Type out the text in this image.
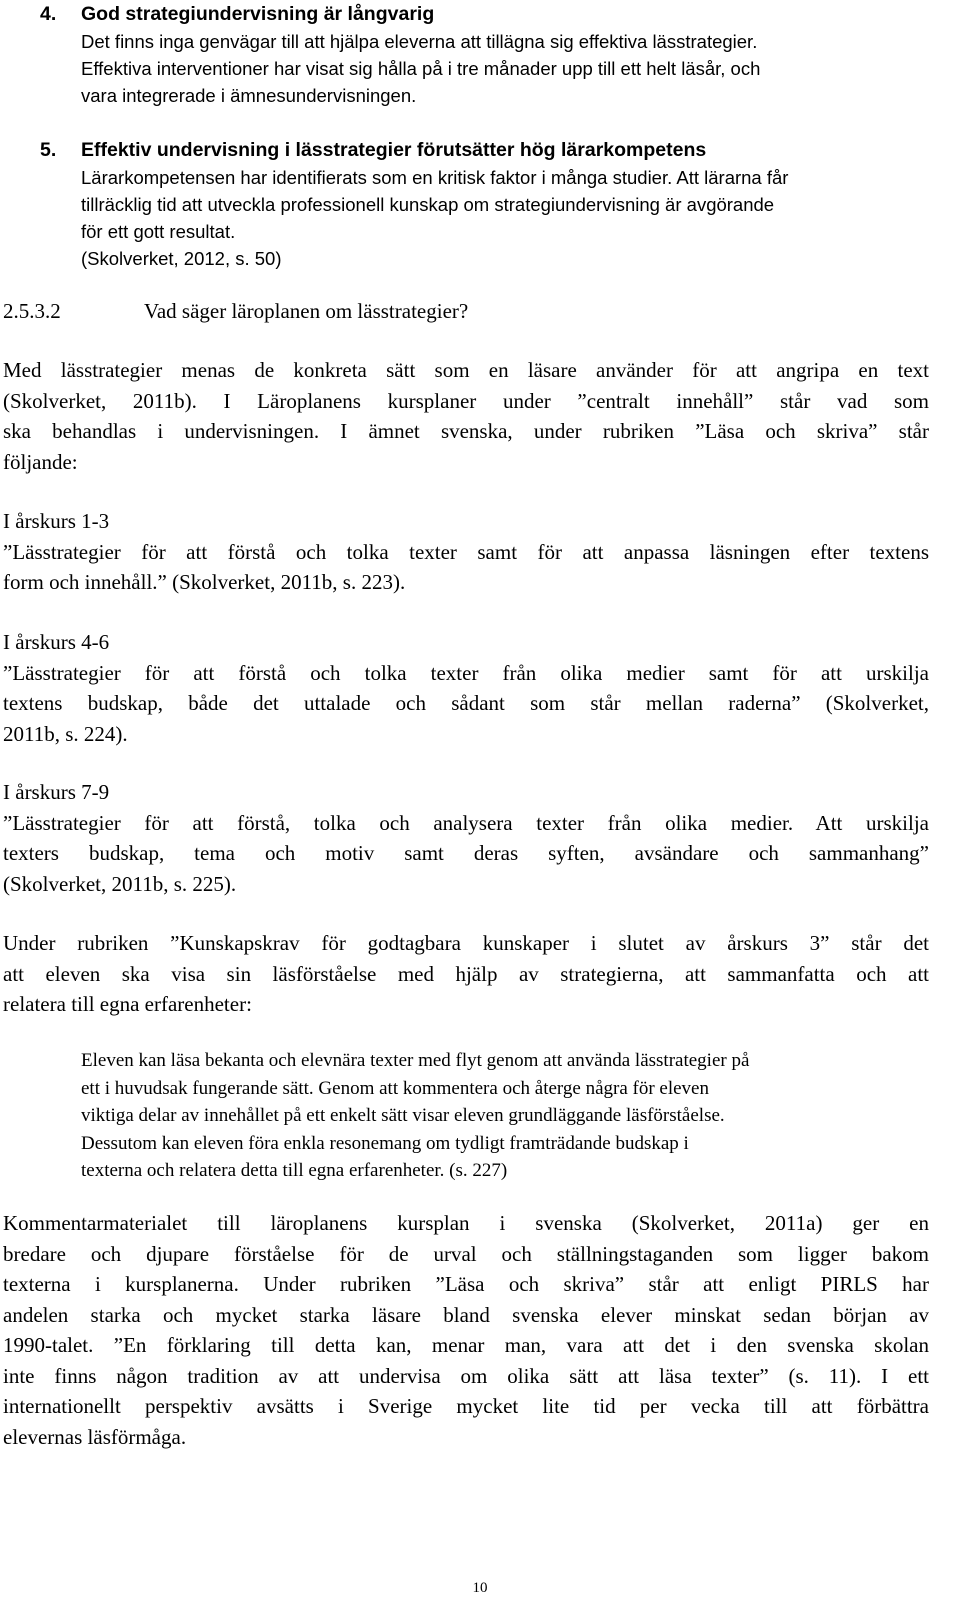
4. God strategiundervisning är långvarig
Det finns inga genvägar till att hjälpa eleverna att tillägna sig effektiva lässtrategier.
Effektiva interventioner har visat sig hålla på i tre månader upp till ett helt läsår, och
vara integrerade i ämnesundervisningen.
5. Effektiv undervisning i lässtrategier förutsätter hög lärarkompetens
Lärarkompetensen har identifierats som en kritisk faktor i många studier. Att lärarna får
tillräcklig tid att utveckla professionell kunskap om strategiundervisning är avgörande
för ett gott resultat.
(Skolverket, 2012, s. 50)
2.5.3.2	Vad säger läroplanen om lässtrategier?
Med lässtrategier menas de konkreta sätt som en läsare använder för att angripa en text
(Skolverket, 2011b). I Läroplanens kursplaner under ”centralt innehåll” står vad som
ska behandlas i undervisningen. I ämnet svenska, under rubriken ”Läsa och skriva” står
följande:
I årskurs 1-3
”Lässtrategier för att förstå och tolka texter samt för att anpassa läsningen efter textens
form och innehåll.” (Skolverket, 2011b, s. 223).
I årskurs 4-6
”Lässtrategier för att förstå och tolka texter från olika medier samt för att urskilja
textens budskap, både det uttalade och sådant som står mellan raderna” (Skolverket,
2011b, s. 224).
I årskurs 7-9
”Lässtrategier för att förstå, tolka och analysera texter från olika medier. Att urskilja
texters budskap, tema och motiv samt deras syften, avsändare och sammanhang”
(Skolverket, 2011b, s. 225).
Under rubriken ”Kunskapskrav för godtagbara kunskaper i slutet av årskurs 3” står det
att eleven ska visa sin läsförståelse med hjälp av strategierna, att sammanfatta och att
relatera till egna erfarenheter:
Eleven kan läsa bekanta och elevnära texter med flyt genom att använda lässtrategier på
ett i huvudsak fungerande sätt. Genom att kommentera och återge några för eleven
viktiga delar av innehållet på ett enkelt sätt visar eleven grundläggande läsförståelse.
Dessutom kan eleven föra enkla resonemang om tydligt framträdande budskap i
texterna och relatera detta till egna erfarenheter. (s. 227)
Kommentarmaterialet till läroplanens kursplan i svenska (Skolverket, 2011a) ger en
bredare och djupare förståelse för de urval och ställningstaganden som ligger bakom
texterna i kursplanerna. Under rubriken ”Läsa och skriva” står att enligt PIRLS har
andelen starka och mycket starka läsare bland svenska elever minskat sedan början av
1990-talet. ”En förklaring till detta kan, menar man, vara att det i den svenska skolan
inte finns någon tradition av att undervisa om olika sätt att läsa texter” (s. 11). I ett
internationellt perspektiv avsätts i Sverige mycket lite tid per vecka till att förbättra
elevernas läsförmåga.
10
